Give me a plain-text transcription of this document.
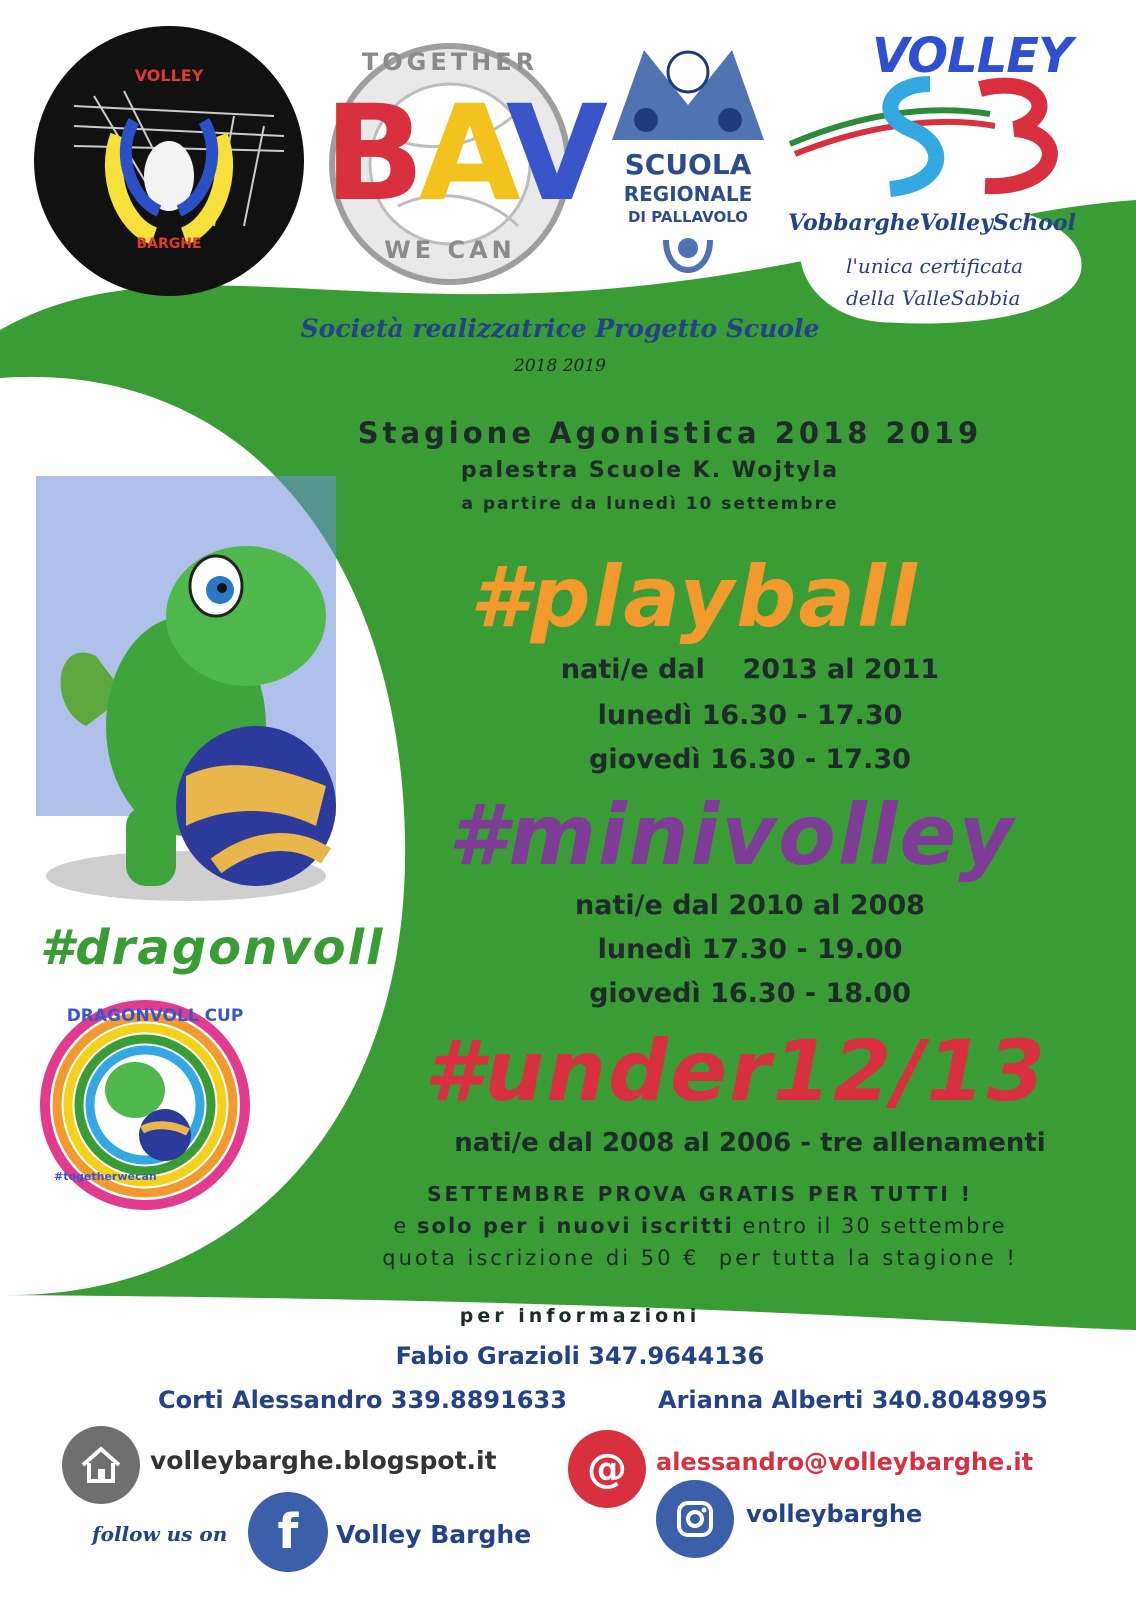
VOLLEY
BARGHE
TOGETHER
BAV
WE CAN
SCUOLA
REGIONALE
DI PALLAVOLO
VOLLEY
VobbargheVolleySchool
l'unica certificata
della ValleSabbia
Società realizzatrice Progetto Scuole
2018 2019
Stagione Agonistica 2018 2019
palestra Scuole K. Wojtyla
a partire da lunedì 10 settembre
#playball
nati/e dal    2013 al 2011
lunedì 16.30 - 17.30
giovedì 16.30 - 17.30
#minivolley
nati/e dal 2010 al 2008
lunedì 17.30 - 19.00
giovedì 16.30 - 18.00
#under12/13
nati/e dal 2008 al 2006 - tre allenamenti
#dragonvoll
DRAGONVOLL CUP
#togetherwecan
SETTEMBRE PROVA GRATIS PER TUTTI !
e solo per i nuovi iscritti entro il 30 settembre
quota iscrizione di 50 €  per tutta la stagione !
per informazioni
Fabio Grazioli 347.9644136
Corti Alessandro 339.8891633	Arianna Alberti 340.8048995
volleybarghe.blogspot.it	@	alessandro@volleybarghe.it
follow us on	f	Volley Barghe
volleybarghe
